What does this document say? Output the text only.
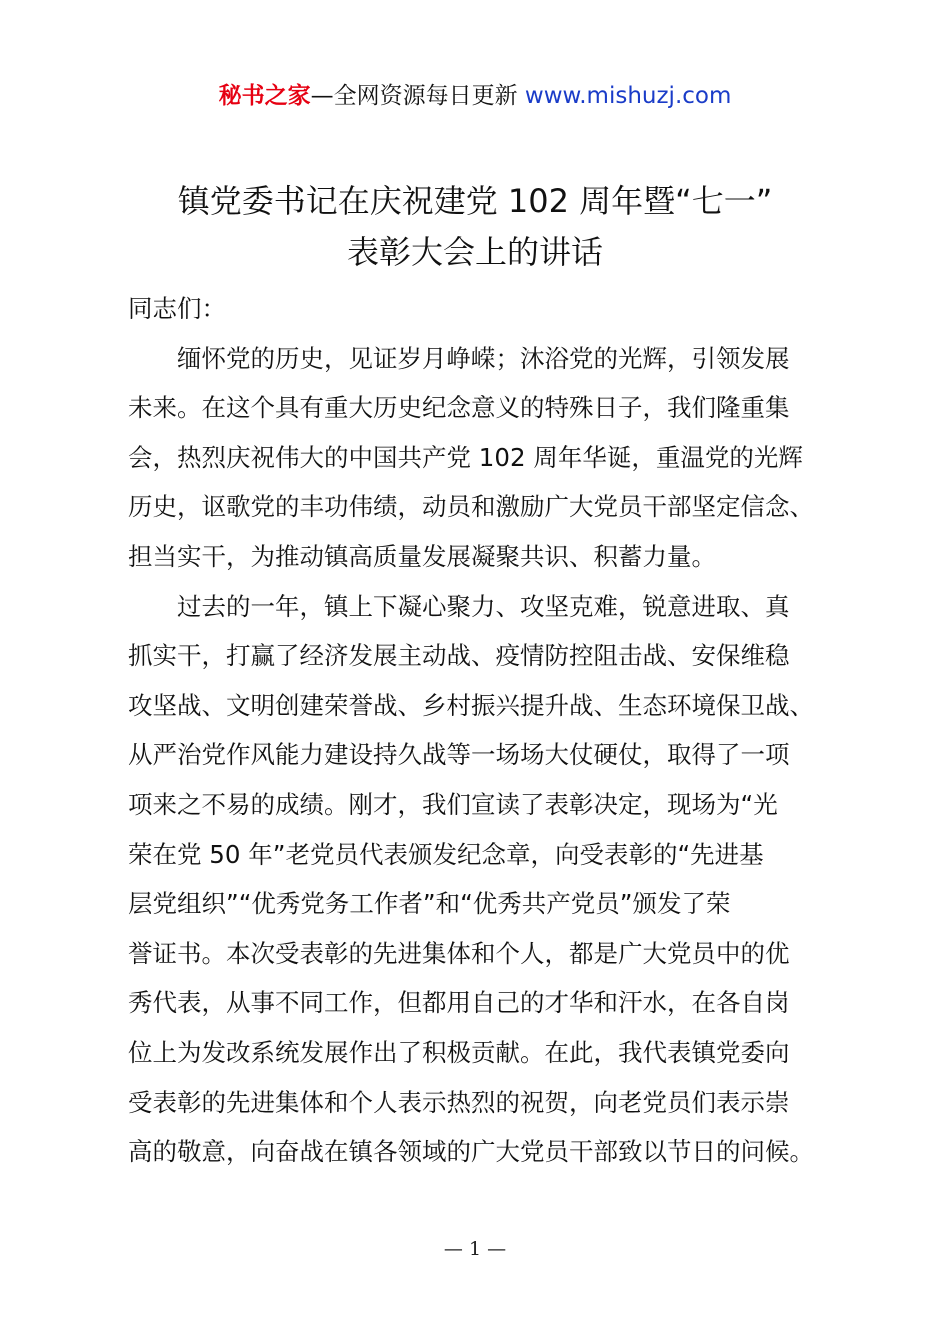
秘书之家—全网资源每日更新 www.mishuzj.com
镇党委书记在庆祝建党 102 周年暨“七一”
表彰大会上的讲话
同志们：
缅怀党的历史，见证岁月峥嵘；沐浴党的光辉，引领发展
未来。在这个具有重大历史纪念意义的特殊日子，我们隆重集
会，热烈庆祝伟大的中国共产党 102 周年华诞，重温党的光辉
历史，讴歌党的丰功伟绩，动员和激励广大党员干部坚定信念、
担当实干，为推动镇高质量发展凝聚共识、积蓄力量。
过去的一年，镇上下凝心聚力、攻坚克难，锐意进取、真
抓实干，打赢了经济发展主动战、疫情防控阻击战、安保维稳
攻坚战、文明创建荣誉战、乡村振兴提升战、生态环境保卫战、
从严治党作风能力建设持久战等一场场大仗硬仗，取得了一项
项来之不易的成绩。刚才，我们宣读了表彰决定，现场为“光
荣在党 50 年”老党员代表颁发纪念章，向受表彰的“先进基
层党组织”“优秀党务工作者”和“优秀共产党员”颁发了荣
誉证书。本次受表彰的先进集体和个人，都是广大党员中的优
秀代表，从事不同工作，但都用自己的才华和汗水，在各自岗
位上为发改系统发展作出了积极贡献。在此，我代表镇党委向
受表彰的先进集体和个人表示热烈的祝贺，向老党员们表示崇
高的敬意，向奋战在镇各领域的广大党员干部致以节日的问候。
— 1 —
